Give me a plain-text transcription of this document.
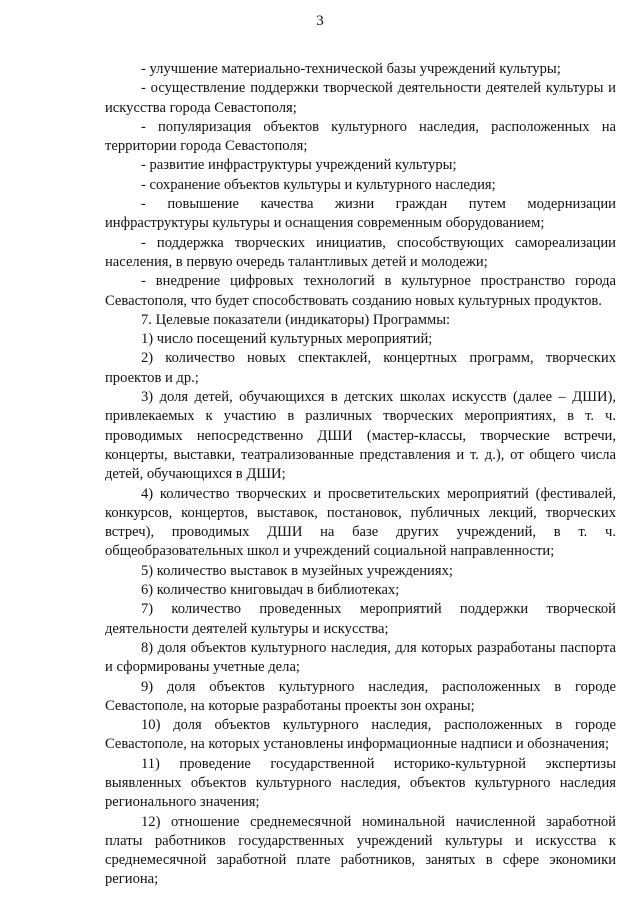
3

- улучшение материально-технической базы учреждений культуры;

- осуществление поддержки творческой деятельности деятелей культуры и искусства города Севастополя;

- популяризация объектов культурного наследия, расположенных на территории города Севастополя;

- развитие инфраструктуры учреждений культуры;

- сохранение объектов культуры и культурного наследия;

- повышение качества жизни граждан путем модернизации инфраструктуры культуры и оснащения современным оборудованием;

- поддержка творческих инициатив, способствующих самореализации населения, в первую очередь талантливых детей и молодежи;

- внедрение цифровых технологий в культурное пространство города Севастополя, что будет способствовать созданию новых культурных продуктов.

7. Целевые показатели (индикаторы) Программы:

1) число посещений культурных мероприятий;

2) количество новых спектаклей, концертных программ, творческих проектов и др.;

3) доля детей, обучающихся в детских школах искусств (далее – ДШИ), привлекаемых к участию в различных творческих мероприятиях, в т. ч. проводимых непосредственно ДШИ (мастер-классы, творческие встречи, концерты, выставки, театрализованные представления и т. д.), от общего числа детей, обучающихся в ДШИ;

4) количество творческих и просветительских мероприятий (фестивалей, конкурсов, концертов, выставок, постановок, публичных лекций, творческих встреч), проводимых ДШИ на базе других учреждений, в т. ч. общеобразовательных школ и учреждений социальной направленности;

5) количество выставок в музейных учреждениях;

6) количество книговыдач в библиотеках;

7) количество проведенных мероприятий поддержки творческой деятельности деятелей культуры и искусства;

8) доля объектов культурного наследия, для которых разработаны паспорта и сформированы учетные дела;

9) доля объектов культурного наследия, расположенных в городе Севастополе, на которые разработаны проекты зон охраны;

10) доля объектов культурного наследия, расположенных в городе Севастополе, на которых установлены информационные надписи и обозначения;

11) проведение государственной историко-культурной экспертизы выявленных объектов культурного наследия, объектов культурного наследия регионального значения;

12) отношение среднемесячной номинальной начисленной заработной платы работников государственных учреждений культуры и искусства к среднемесячной заработной плате работников, занятых в сфере экономики региона;
